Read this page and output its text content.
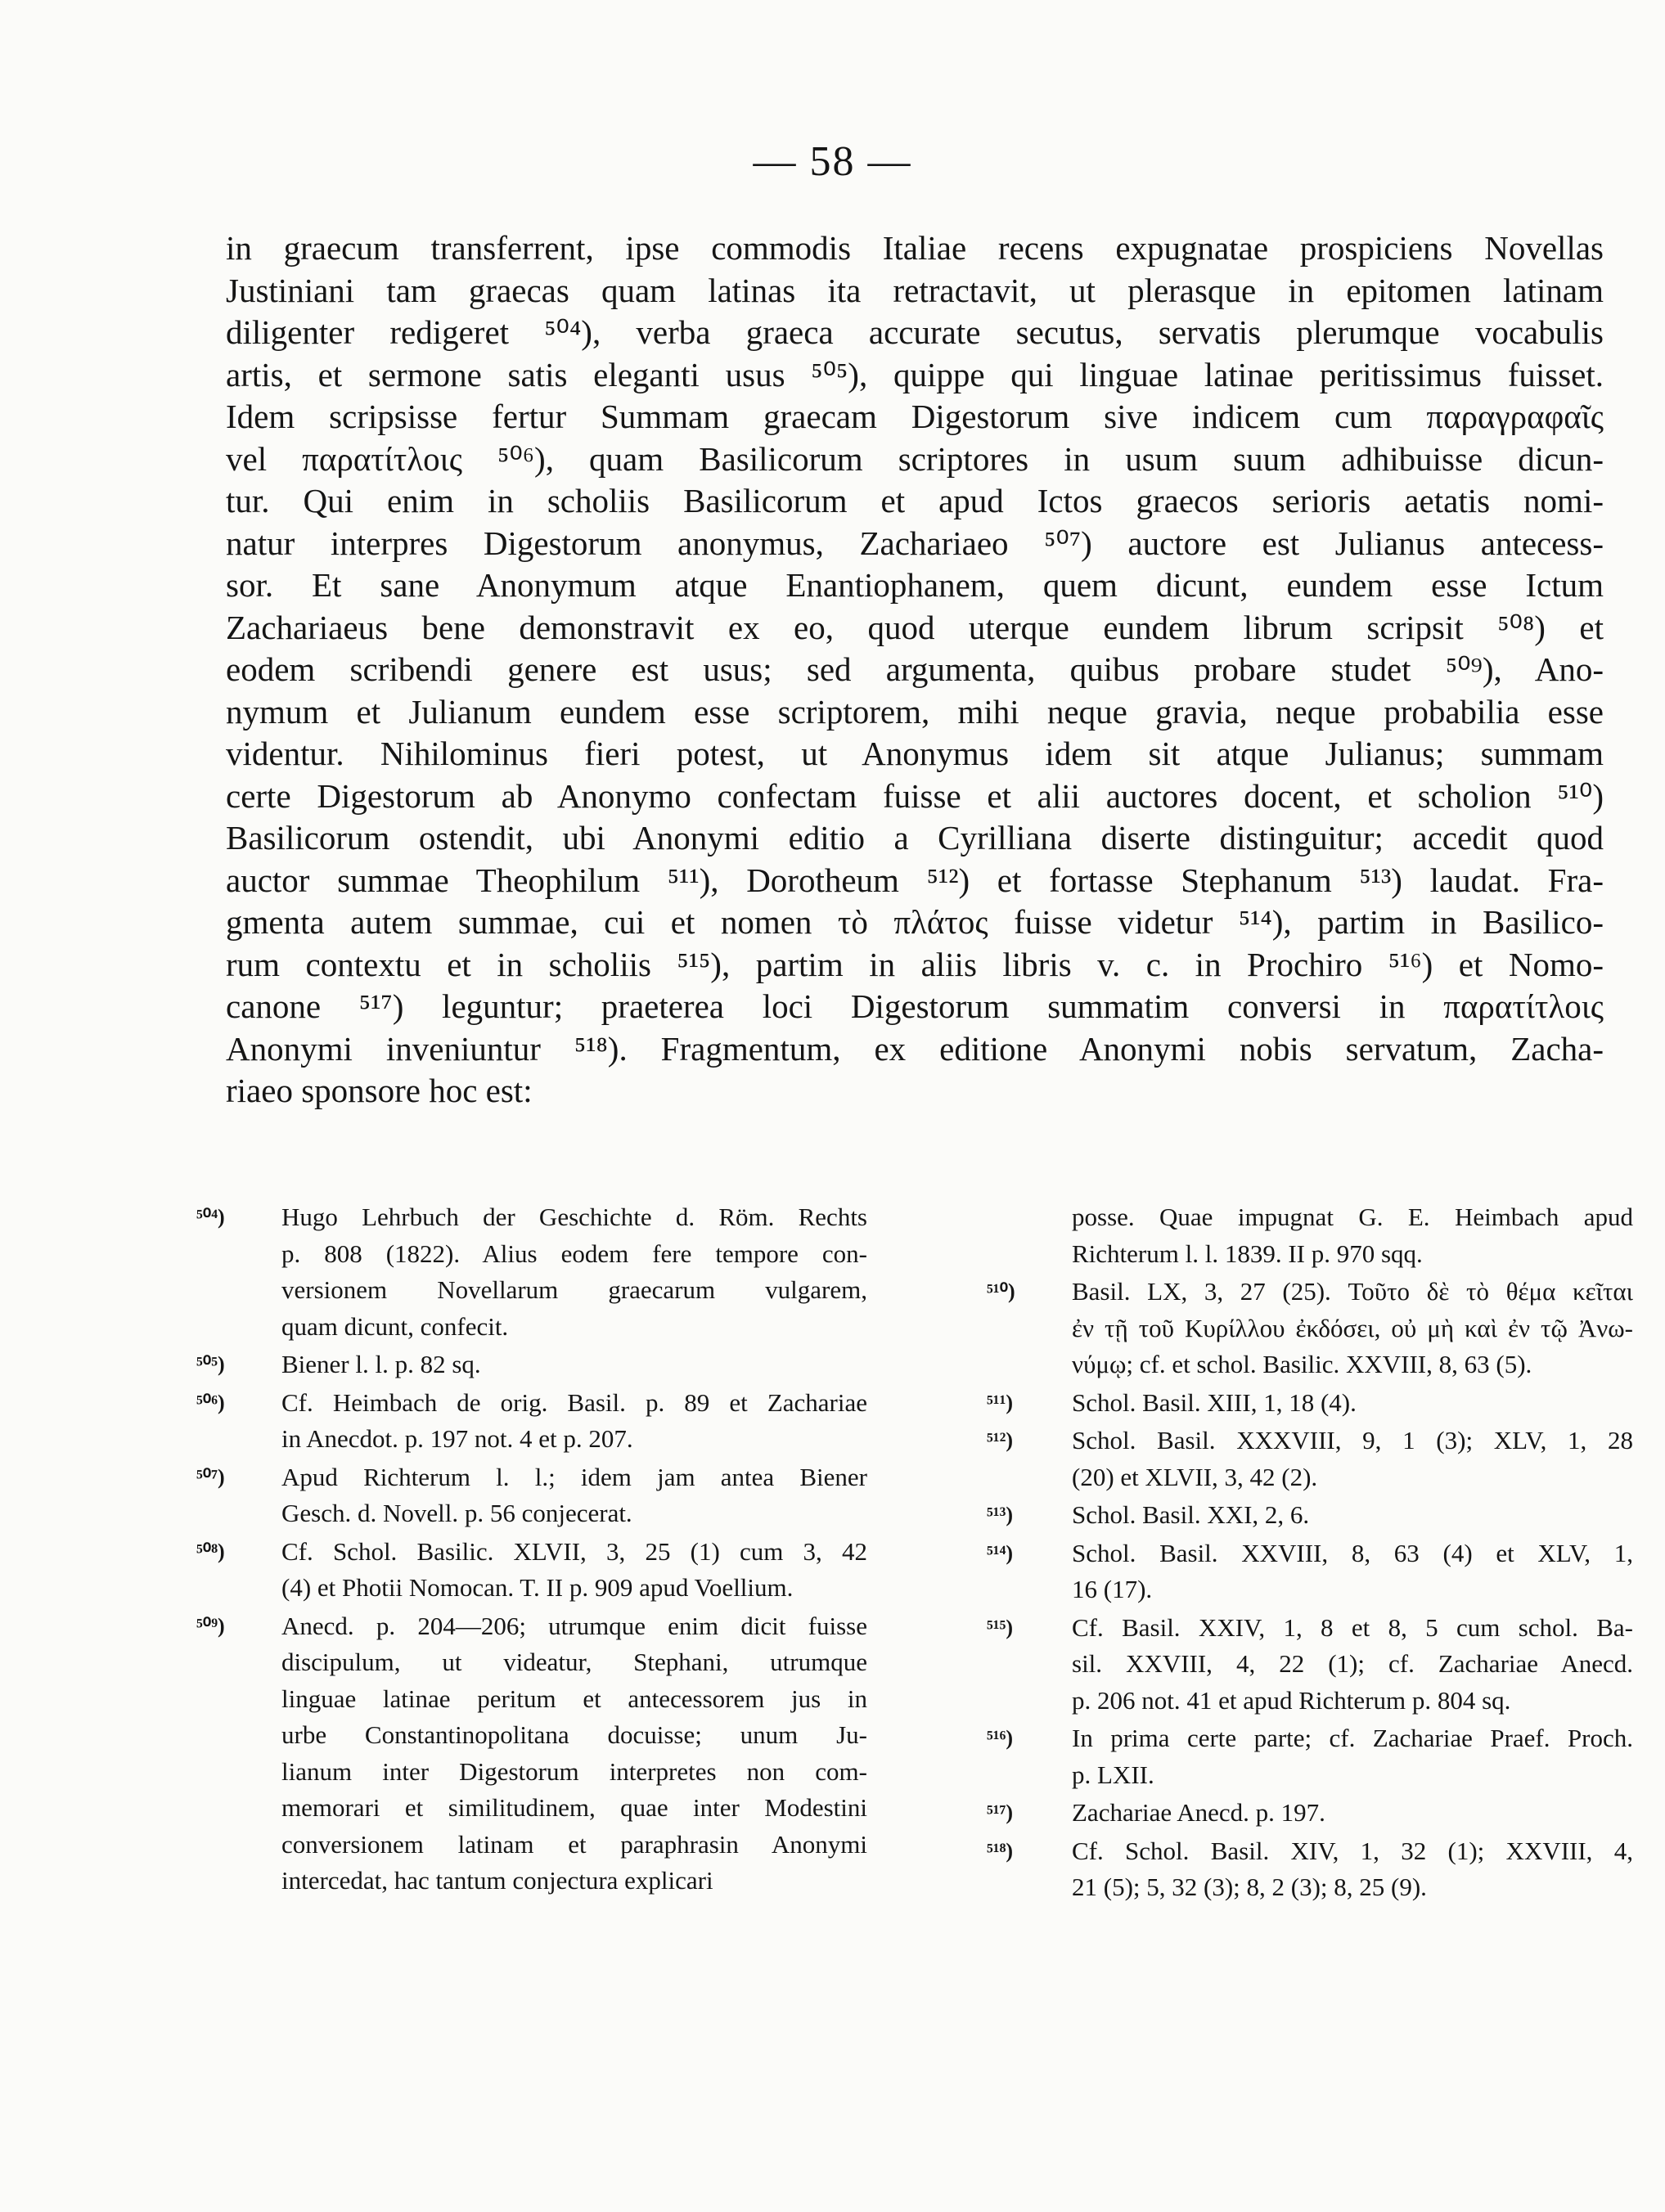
— 58 —
in graecum transferrent, ipse commodis Italiae recens expugnatae prospiciens Novellas
Justiniani tam graecas quam latinas ita retractavit, ut plerasque in epitomen latinam
diligenter redigeret ⁵⁰⁴), verba graeca accurate secutus, servatis plerumque vocabulis
artis, et sermone satis eleganti usus ⁵⁰⁵), quippe qui linguae latinae peritissimus fuisset.
Idem scripsisse fertur Summam graecam Digestorum sive indicem cum παραγραφαῖς
vel παρατίτλοις ⁵⁰⁶), quam Basilicorum scriptores in usum suum adhibuisse dicun-
tur. Qui enim in scholiis Basilicorum et apud Ictos graecos serioris aetatis nomi-
natur interpres Digestorum anonymus, Zachariaeo ⁵⁰⁷) auctore est Julianus antecess-
sor. Et sane Anonymum atque Enantiophanem, quem dicunt, eundem esse Ictum
Zachariaeus bene demonstravit ex eo, quod uterque eundem librum scripsit ⁵⁰⁸) et
eodem scribendi genere est usus; sed argumenta, quibus probare studet ⁵⁰⁹), Ano-
nymum et Julianum eundem esse scriptorem, mihi neque gravia, neque probabilia esse
videntur. Nihilominus fieri potest, ut Anonymus idem sit atque Julianus; summam
certe Digestorum ab Anonymo confectam fuisse et alii auctores docent, et scholion ⁵¹⁰)
Basilicorum ostendit, ubi Anonymi editio a Cyrilliana diserte distinguitur; accedit quod
auctor summae Theophilum ⁵¹¹), Dorotheum ⁵¹²) et fortasse Stephanum ⁵¹³) laudat. Fra-
gmenta autem summae, cui et nomen τὸ πλάτος fuisse videtur ⁵¹⁴), partim in Basilico-
rum contextu et in scholiis ⁵¹⁵), partim in aliis libris v. c. in Prochiro ⁵¹⁶) et Nomo-
canone ⁵¹⁷) leguntur; praeterea loci Digestorum summatim conversi in παρατίτλοις
Anonymi inveniuntur ⁵¹⁸). Fragmentum, ex editione Anonymi nobis servatum, Zacha-
riaeo sponsore hoc est:
⁵⁰⁴)	Hugo Lehrbuch der Geschichte d. Röm. Rechts
p. 808 (1822). Alius eodem fere tempore con-
versionem Novellarum graecarum vulgarem,
quam dicunt, confecit.
⁵⁰⁵)	Biener l. l. p. 82 sq.
⁵⁰⁶)	Cf. Heimbach de orig. Basil. p. 89 et Zachariae
in Anecdot. p. 197 not. 4 et p. 207.
⁵⁰⁷)	Apud Richterum l. l.; idem jam antea Biener
Gesch. d. Novell. p. 56 conjecerat.
⁵⁰⁸)	Cf. Schol. Basilic. XLVII, 3, 25 (1) cum 3, 42
(4) et Photii Nomocan. T. II p. 909 apud Voellium.
⁵⁰⁹)	Anecd. p. 204—206; utrumque enim dicit fuisse
discipulum, ut videatur, Stephani, utrumque
linguae latinae peritum et antecessorem jus in
urbe Constantinopolitana docuisse; unum Ju-
lianum inter Digestorum interpretes non com-
memorari et similitudinem, quae inter Modestini
conversionem latinam et paraphrasin Anonymi
intercedat, hac tantum conjectura explicari
posse. Quae impugnat G. E. Heimbach apud
Richterum l. l. 1839. II p. 970 sqq.
⁵¹⁰)	Basil. LX, 3, 27 (25). Τοῦτο δὲ τὸ θέμα κεῖται
ἐν τῇ τοῦ Κυρίλλου ἐκδόσει, οὐ μὴ καὶ ἐν τῷ Ἀνω-
νύμῳ; cf. et schol. Basilic. XXVIII, 8, 63 (5).
⁵¹¹)	Schol. Basil. XIII, 1, 18 (4).
⁵¹²)	Schol. Basil. XXXVIII, 9, 1 (3); XLV, 1, 28
(20) et XLVII, 3, 42 (2).
⁵¹³)	Schol. Basil. XXI, 2, 6.
⁵¹⁴)	Schol. Basil. XXVIII, 8, 63 (4) et XLV, 1,
16 (17).
⁵¹⁵)	Cf. Basil. XXIV, 1, 8 et 8, 5 cum schol. Ba-
sil. XXVIII, 4, 22 (1); cf. Zachariae Anecd.
p. 206 not. 41 et apud Richterum p. 804 sq.
⁵¹⁶)	In prima certe parte; cf. Zachariae Praef. Proch.
p. LXII.
⁵¹⁷)	Zachariae Anecd. p. 197.
⁵¹⁸)	Cf. Schol. Basil. XIV, 1, 32 (1); XXVIII, 4,
21 (5); 5, 32 (3); 8, 2 (3); 8, 25 (9).
